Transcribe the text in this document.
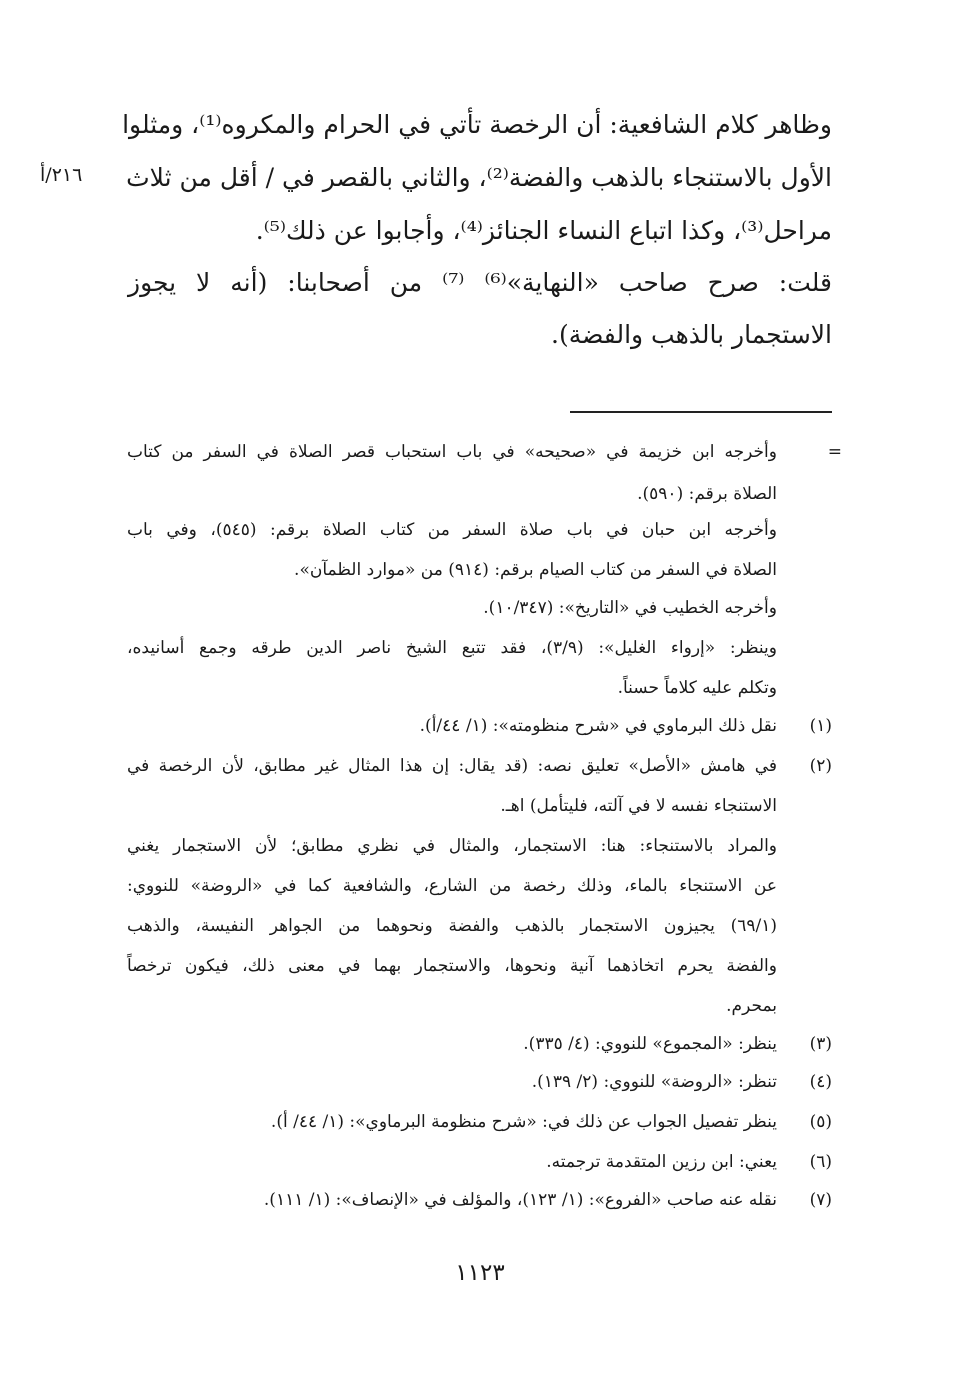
وظاهر كلام الشافعية: أن الرخصة تأتي في الحرام والمكروه⁽¹⁾، ومثلوا
الأول بالاستنجاء بالذهب والفضة⁽²⁾، والثاني بالقصر في / أقل من ثلاث
مراحل⁽³⁾، وكذا اتباع النساء الجنائز⁽⁴⁾، وأجابوا عن ذلك⁽⁵⁾.
قلت: صرح صاحب «النهاية»⁽⁶⁾ ⁽⁷⁾ من أصحابنا: (أنه لا يجوز
الاستجمار بالذهب والفضة).
٢١٦/أ
=
وأخرجه ابن خزيمة في «صحيحه» في باب استحباب قصر الصلاة في السفر من كتاب
الصلاة برقم: (٥٩٠).
وأخرجه ابن حبان في باب صلاة السفر من كتاب الصلاة برقم: (٥٤٥)، وفي باب
الصلاة في السفر من كتاب الصيام برقم: (٩١٤) من «موارد الظمآن».
وأخرجه الخطيب في «التاريخ»: (١٠/٣٤٧).
وينظر: «إرواء الغليل»: (٣/٩)، فقد تتبع الشيخ ناصر الدين طرقه وجمع أسانيده،
وتكلم عليه كلاماً حسناً.
(١)
نقل ذلك البرماوي في «شرح منظومته»: (١/ ٤٤/أ).
(٢)
في هامش «الأصل» تعليق نصه: (قد يقال: إن هذا المثال غير مطابق، لأن الرخصة في
الاستنجاء نفسه لا في آلته، فليتأمل) اهـ.
والمراد بالاستنجاء: هنا: الاستجمار، والمثال في نظري مطابق؛ لأن الاستجمار يغني
عن الاستنجاء بالماء، وذلك رخصة من الشارع، والشافعية كما في «الروضة» للنووي:
(٦٩/١) يجيزون الاستجمار بالذهب والفضة ونحوهما من الجواهر النفيسة، والذهب
والفضة يحرم اتخاذهما آنية ونحوها، والاستجمار بهما في معنى ذلك، فيكون ترخصاً
بمحرم.
(٣)
ينظر: «المجموع» للنووي: (٤/ ٣٣٥).
(٤)
تنظر: «الروضة» للنووي: (٢/ ١٣٩).
(٥)
ينظر تفصيل الجواب عن ذلك في: «شرح منظومة البرماوي»: (١/ ٤٤/ أ).
(٦)
يعني: ابن رزين المتقدمة ترجمته.
(٧)
نقله عنه صاحب «الفروع»: (١/ ١٢٣)، والمؤلف في «الإنصاف»: (١/ ١١١).
١١٢٣
